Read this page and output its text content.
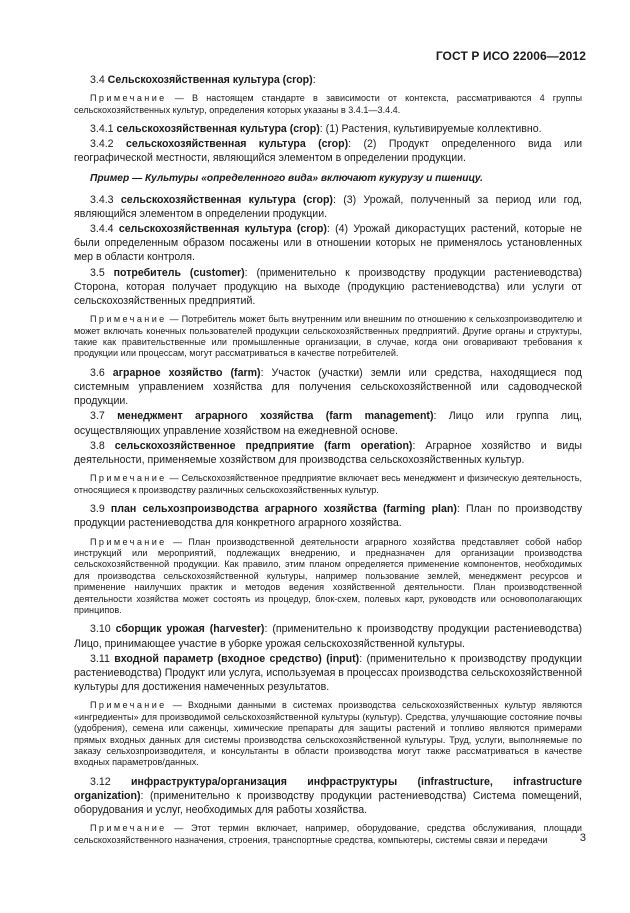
ГОСТ Р ИСО 22006—2012
3.4 Сельскохозяйственная культура (crop):
Примечание — В настоящем стандарте в зависимости от контекста, рассматриваются 4 группы сельскохозяйственных культур, определения которых указаны в 3.4.1—3.4.4.
3.4.1 сельскохозяйственная культура (crop): (1) Растения, культивируемые коллективно.
3.4.2 сельскохозяйственная культура (crop): (2) Продукт определенного вида или географической местности, являющийся элементом в определении продукции.
Пример — Культуры «определенного вида» включают кукурузу и пшеницу.
3.4.3 сельскохозяйственная культура (crop): (3) Урожай, полученный за период или год, являющийся элементом в определении продукции.
3.4.4 сельскохозяйственная культура (crop): (4) Урожай дикорастущих растений, которые не были определенным образом посажены или в отношении которых не применялось установленных мер в области контроля.
3.5 потребитель (customer): (применительно к производству продукции растениеводства) Сторона, которая получает продукцию на выходе (продукцию растениеводства) или услуги от сельскохозяйственных предприятий.
Примечание — Потребитель может быть внутренним или внешним по отношению к сельхозпроизводителю и может включать конечных пользователей продукции сельскохозяйственных предприятий. Другие органы и структуры, такие как правительственные или промышленные организации, в случае, когда они оговаривают требования к продукции или процессам, могут рассматриваться в качестве потребителей.
3.6 аграрное хозяйство (farm): Участок (участки) земли или средства, находящиеся под системным управлением хозяйства для получения сельскохозяйственной или садоводческой продукции.
3.7 менеджмент аграрного хозяйства (farm management): Лицо или группа лиц, осуществляющих управление хозяйством на ежедневной основе.
3.8 сельскохозяйственное предприятие (farm operation): Аграрное хозяйство и виды деятельности, применяемые хозяйством для производства сельскохозяйственных культур.
Примечание — Сельскохозяйственное предприятие включает весь менеджмент и физическую деятельность, относящиеся к производству различных сельскохозяйственных культур.
3.9 план сельхозпроизводства аграрного хозяйства (farming plan): План по производству продукции растениеводства для конкретного аграрного хозяйства.
Примечание — План производственной деятельности аграрного хозяйства представляет собой набор инструкций или мероприятий, подлежащих внедрению, и предназначен для организации производства сельскохозяйственной продукции. Как правило, этим планом определяется применение компонентов, необходимых для производства сельскохозяйственной культуры, например пользование землей, менеджмент ресурсов и применение наилучших практик и методов ведения хозяйственной деятельности. План производственной деятельности хозяйства может состоять из процедур, блок-схем, полевых карт, руководств или основополагающих принципов.
3.10 сборщик урожая (harvester): (применительно к производству продукции растениеводства) Лицо, принимающее участие в уборке урожая сельскохозяйственной культуры.
3.11 входной параметр (входное средство) (input): (применительно к производству продукции растениеводства) Продукт или услуга, используемая в процессах производства сельскохозяйственной культуры для достижения намеченных результатов.
Примечание — Входными данными в системах производства сельскохозяйственных культур являются «ингредиенты» для производимой сельскохозяйственной культуры (культур). Средства, улучшающие состояние почвы (удобрения), семена или саженцы, химические препараты для защиты растений и топливо являются примерами прямых входных данных для системы производства сельскохозяйственной культуры. Труд, услуги, выполняемые по заказу сельхозпроизводителя, и консультанты в области производства могут также рассматриваться в качестве входных параметров/данных.
3.12 инфраструктура/организация инфраструктуры (infrastructure, infrastructure organization): (применительно к производству продукции растениеводства) Система помещений, оборудования и услуг, необходимых для работы хозяйства.
Примечание — Этот термин включает, например, оборудование, средства обслуживания, площади сельскохозяйственного назначения, строения, транспортные средства, компьютеры, системы связи и передачи	3
